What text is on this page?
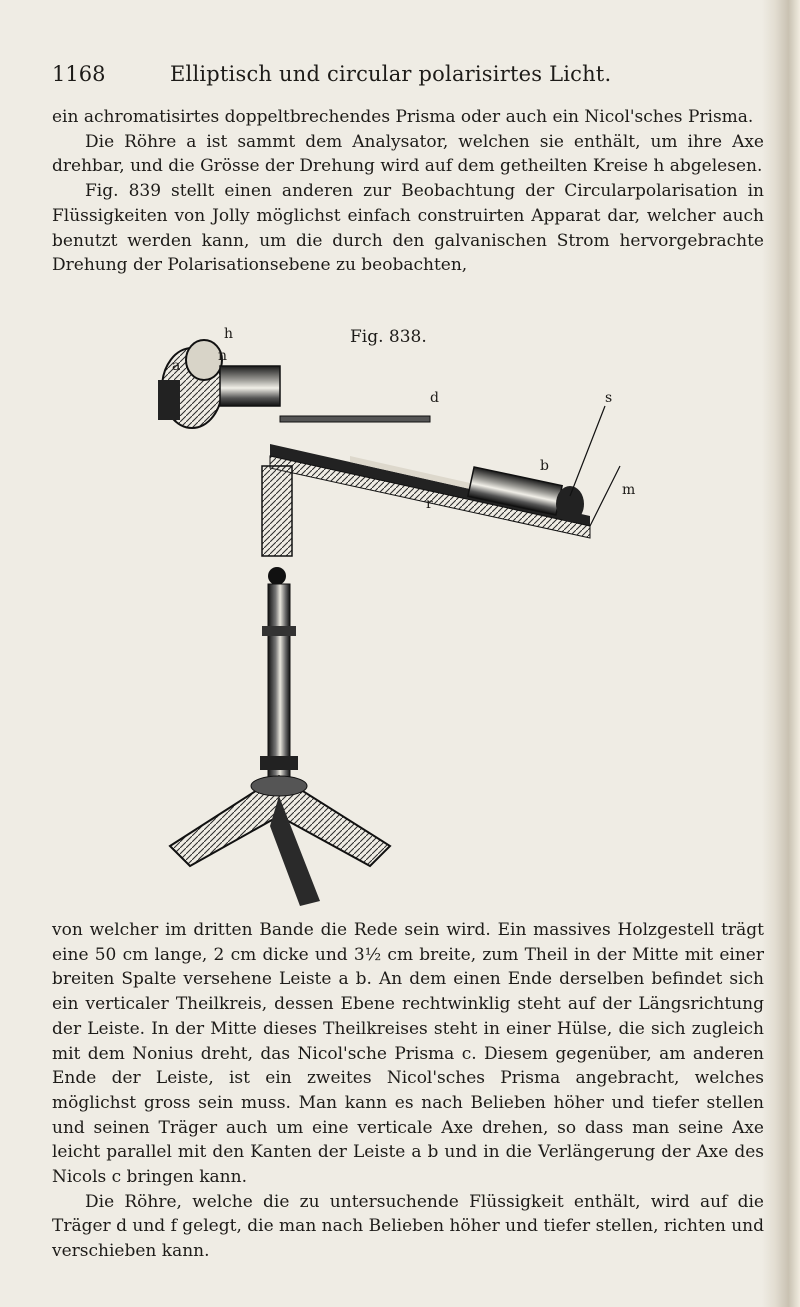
1168	Elliptisch und circular polarisirtes Licht.

ein achromatisirtes doppeltbrechendes Prisma oder auch ein Nicol'sches Prisma.

Die Röhre a ist sammt dem Analysator, welchen sie enthält, um ihre Axe drehbar, und die Grösse der Drehung wird auf dem getheilten Kreise h abgelesen.

Fig. 839 stellt einen anderen zur Beobachtung der Circularpolarisation in Flüssigkeiten von Jolly möglichst einfach construirten Apparat dar, welcher auch benutzt werden kann, um die durch den galvanischen Strom hervorgebrachte Drehung der Polarisationsebene zu beobachten,

Fig. 838.
h
n
a
d	s
b
r
m

von welcher im dritten Bande die Rede sein wird. Ein massives Holzgestell trägt eine 50 cm lange, 2 cm dicke und 3½ cm breite, zum Theil in der Mitte mit einer breiten Spalte versehene Leiste a b. An dem einen Ende derselben befindet sich ein verticaler Theilkreis, dessen Ebene rechtwinklig steht auf der Längsrichtung der Leiste. In der Mitte dieses Theilkreises steht in einer Hülse, die sich zugleich mit dem Nonius dreht, das Nicol'sche Prisma c. Diesem gegenüber, am anderen Ende der Leiste, ist ein zweites Nicol'sches Prisma angebracht, welches möglichst gross sein muss. Man kann es nach Belieben höher und tiefer stellen und seinen Träger auch um eine verticale Axe drehen, so dass man seine Axe leicht parallel mit den Kanten der Leiste a b und in die Verlängerung der Axe des Nicols c bringen kann.

Die Röhre, welche die zu untersuchende Flüssigkeit enthält, wird auf die Träger d und f gelegt, die man nach Belieben höher und tiefer stellen, richten und verschieben kann.
